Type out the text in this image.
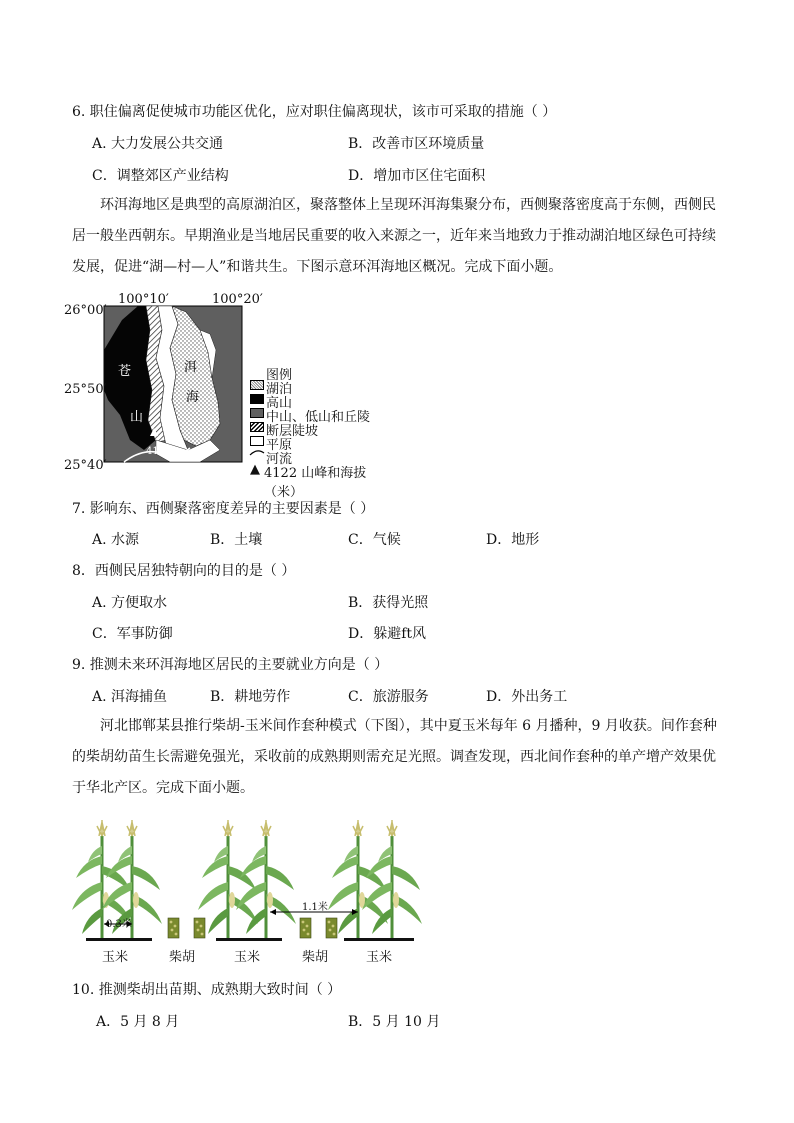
6. 职住偏离促使城市功能区优化，应对职住偏离现状，该市可采取的措施（ ）
A. 大力发展公共交通	B．改善市区环境质量
C．调整郊区产业结构	D．增加市区住宅面积
环洱海地区是典型的高原湖泊区，聚落整体上呈现环洱海集聚分布，西侧聚落密度高于东侧，西侧民居一般坐西朝东。早期渔业是当地居民重要的收入来源之一，近年来当地致力于推动湖泊地区绿色可持续发展，促进“湖—村—人”和谐共生。下图示意环洱海地区概况。完成下面小题。
100°10′	100°20′
26°00′
25°50′
25°40′
苍
山
洱
海
4122
图例
湖泊
高山
中山、低山和丘陵
断层陡坡
平原
河流
▲ 4122 山峰和海拔（米）
7. 影响东、西侧聚落密度差异的主要因素是（ ）
A. 水源	B．土壤	C．气候	D．地形
8．西侧民居独特朝向的目的是（ ）
A. 方便取水	B．获得光照
C．军事防御	D．躲避ft风
9. 推测未来环洱海地区居民的主要就业方向是（ ）
A. 洱海捕鱼	B．耕地劳作	C．旅游服务	D．外出务工
河北邯郸某县推行柴胡-玉米间作套种模式（下图），其中夏玉米每年 6 月播种，9 月收获。间作套种的柴胡幼苗生长需避免强光，采收前的成熟期则需充足光照。调查发现，西北间作套种的单产增产效果优于华北产区。完成下面小题。
0.3米
1.1米
玉米	柴胡	玉米	柴胡	玉米
10. 推测柴胡出苗期、成熟期大致时间（ ）
A．5 月 8 月	B．5 月 10 月
